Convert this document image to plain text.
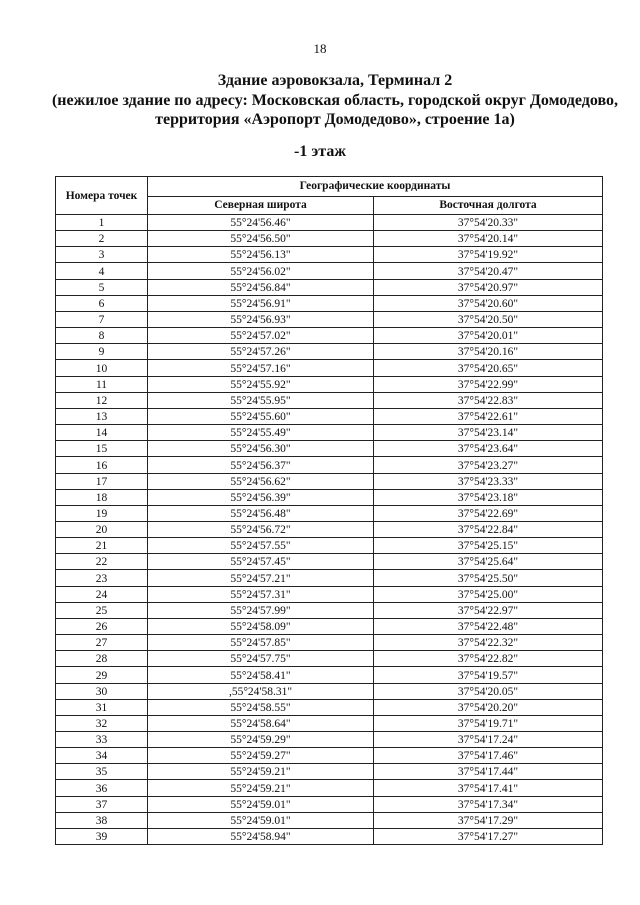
18
Здание аэровокзала, Терминал 2
(нежилое здание по адресу: Московская область, городской округ Домодедово,
территория «Аэропорт Домодедово», строение 1а)
-1 этаж
Номера точек	Географические координаты	
	Северная широта	Восточная долгота
1	55°24'56.46"	37°54'20.33"
2	55°24'56.50"	37°54'20.14"
3	55°24'56.13"	37°54'19.92"
4	55°24'56.02"	37°54'20.47"
5	55°24'56.84"	37°54'20.97"
6	55°24'56.91"	37°54'20.60"
7	55°24'56.93"	37°54'20.50"
8	55°24'57.02"	37°54'20.01"
9	55°24'57.26"	37°54'20.16"
10	55°24'57.16"	37°54'20.65"
11	55°24'55.92"	37°54'22.99"
12	55°24'55.95"	37°54'22.83"
13	55°24'55.60"	37°54'22.61"
14	55°24'55.49"	37°54'23.14"
15	55°24'56.30"	37°54'23.64"
16	55°24'56.37"	37°54'23.27"
17	55°24'56.62"	37°54'23.33"
18	55°24'56.39"	37°54'23.18"
19	55°24'56.48"	37°54'22.69"
20	55°24'56.72"	37°54'22.84"
21	55°24'57.55"	37°54'25.15"
22	55°24'57.45"	37°54'25.64"
23	55°24'57.21"	37°54'25.50"
24	55°24'57.31"	37°54'25.00"
25	55°24'57.99"	37°54'22.97"
26	55°24'58.09"	37°54'22.48"
27	55°24'57.85"	37°54'22.32"
28	55°24'57.75"	37°54'22.82"
29	55°24'58.41"	37°54'19.57"
30	,55°24'58.31"	37°54'20.05"
31	55°24'58.55"	37°54'20.20"
32	55°24'58.64"	37°54'19.71"
33	55°24'59.29"	37°54'17.24"
34	55°24'59.27"	37°54'17.46"
35	55°24'59.21"	37°54'17.44"
36	55°24'59.21"	37°54'17.41"
37	55°24'59.01"	37°54'17.34"
38	55°24'59.01"	37°54'17.29"
39	55°24'58.94"	37°54'17.27"
